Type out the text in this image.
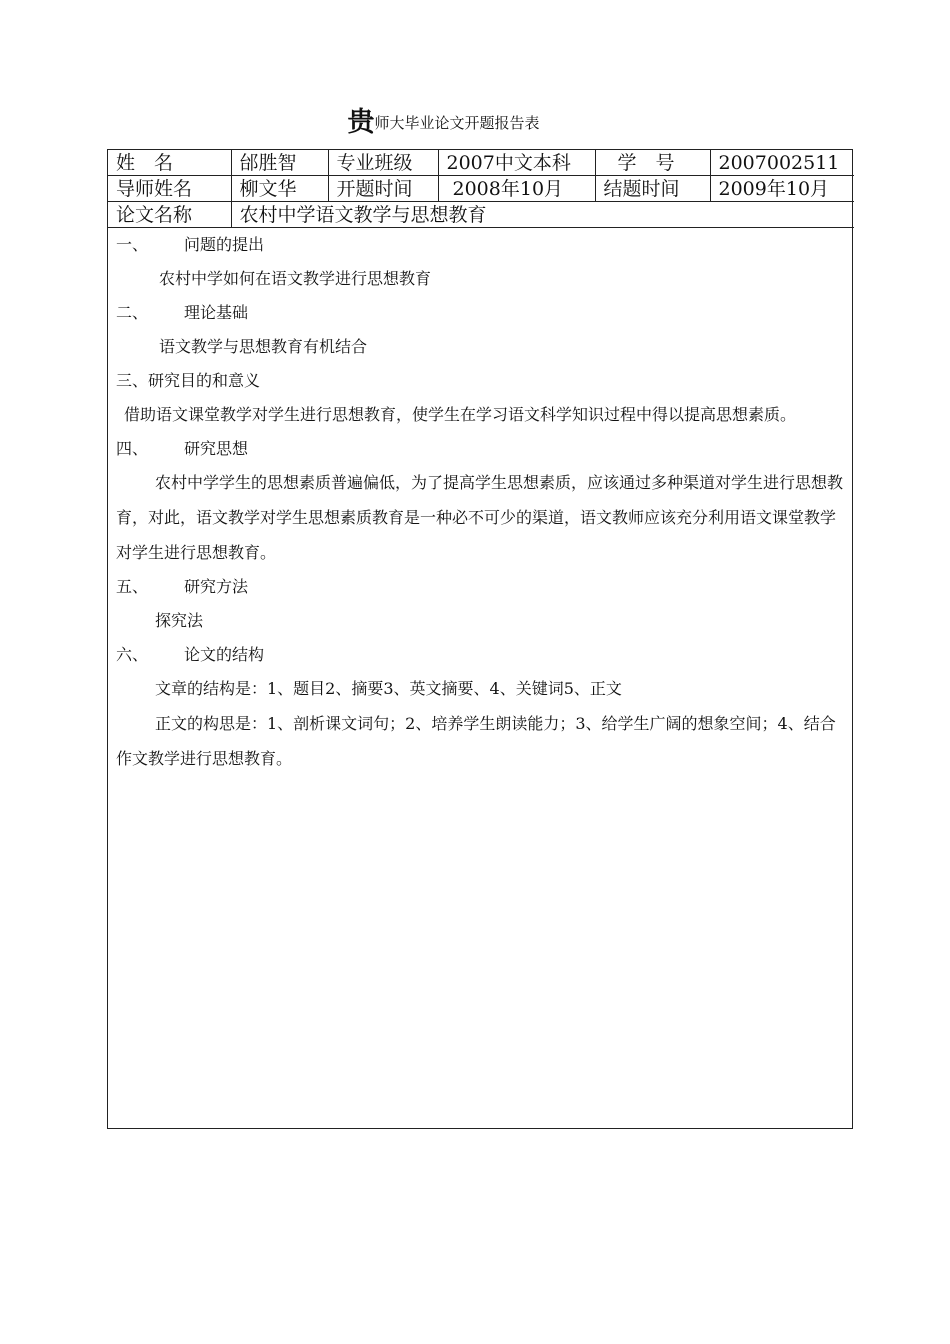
贵师大毕业论文开题报告表
姓　名	邰胜智	专业班级	2007中文本科	学　号	2007002511
导师姓名	柳文华	开题时间	2008年10月	结题时间	2009年10月
论文名称	农村中学语文教学与思想教育				
一、 问题的提出
农村中学如何在语文教学进行思想教育
二、 理论基础
语文教学与思想教育有机结合
三、研究目的和意义
借助语文课堂教学对学生进行思想教育，使学生在学习语文科学知识过程中得以提高思想素质。
四、 研究思想
农村中学学生的思想素质普遍偏低，为了提高学生思想素质，应该通过多种渠道对学生进行思想教育，对此，语文教学对学生思想素质教育是一种必不可少的渠道，语文教师应该充分利用语文课堂教学对学生进行思想教育。
五、 研究方法
探究法
六、 论文的结构
文章的结构是：1、题目2、摘要3、英文摘要、4、关键词5、正文
正文的构思是：1、剖析课文词句；2、培养学生朗读能力；3、给学生广阔的想象空间；4、结合作文教学进行思想教育。
